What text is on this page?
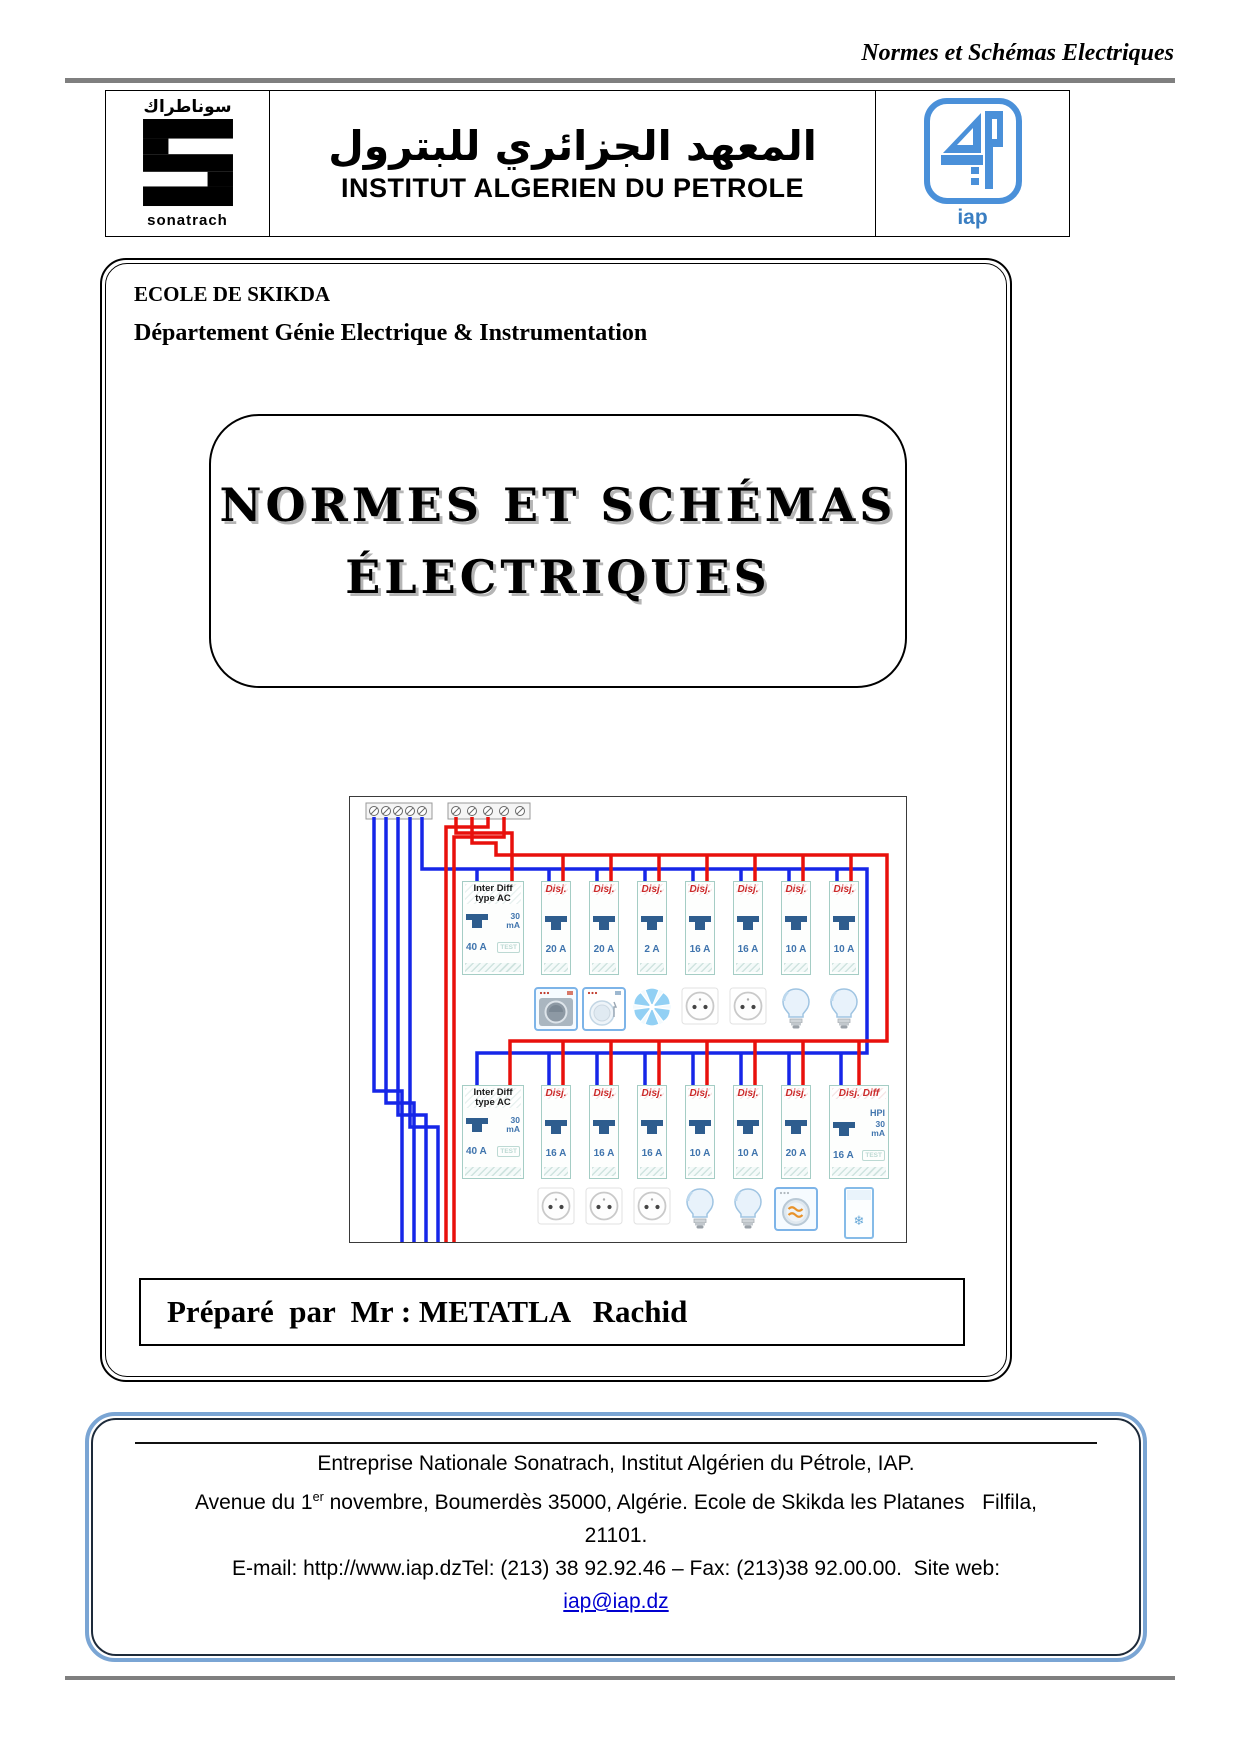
Normes et Schémas Electriques
سوناطراك
sonatrach
المعهد الجزائري للبترول
INSTITUT ALGERIEN DU PETROLE
iap
ECOLE DE SKIKDA
Département Génie Electrique & Instrumentation
NORMES ET SCHÉMAS
ÉLECTRIQUES
Inter Diff
type AC
30
mA
40 A	TEST
Disj.
20 A
Disj.
20 A
Disj.
2 A
Disj.
16 A
Disj.
16 A
Disj.
10 A
Disj.
10 A
Inter Diff
type AC
30
mA
40 A	TEST
Disj.
16 A
Disj.
16 A
Disj.
16 A
Disj.
10 A
Disj.
10 A
Disj.
20 A
Disj. Diff
HPI
30
mA
16 A	TEST
❄
Préparé  par  Mr : METATLA   Rachid

Entreprise Nationale Sonatrach, Institut Algérien du Pétrole, IAP.

Avenue du 1er novembre, Boumerdès 35000, Algérie. Ecole de Skikda les Platanes   Filfila,

21101.

E-mail: http://www.iap.dzTel: (213) 38 92.92.46 – Fax: (213)38 92.00.00.  Site web:

iap@iap.dz
